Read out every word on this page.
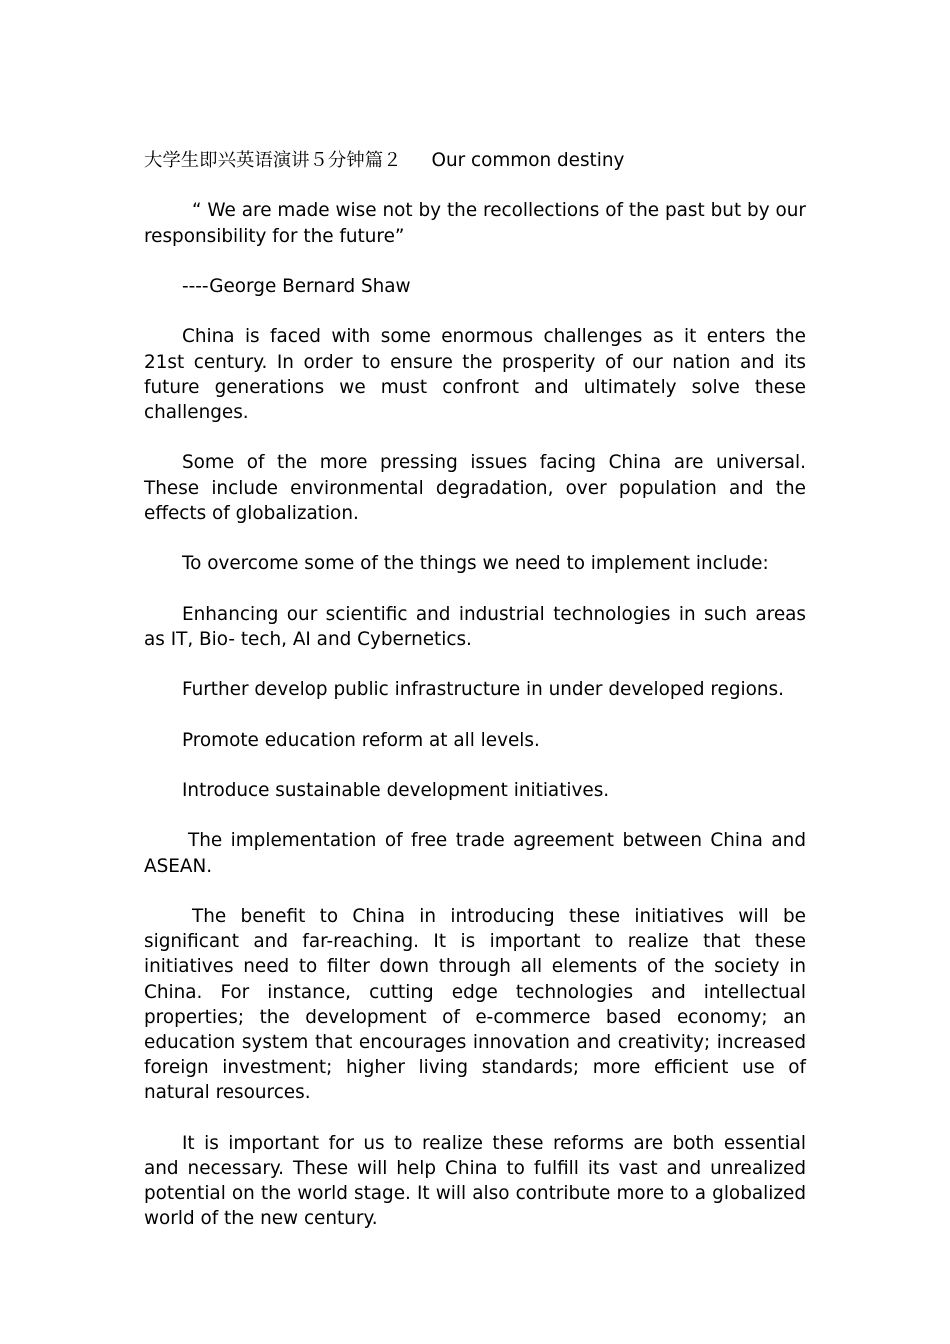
大学生即兴英语演讲５分钟篇２ Our common destiny

“ We are made wise not by the recollections of the past but by our responsibility for the future”

----George Bernard Shaw

China is faced with some enormous challenges as it enters the 21st century. In order to ensure the prosperity of our nation and its future generations we must confront and ultimately solve these challenges.

Some of the more pressing issues facing China are universal. These include environmental degradation, over population and the effects of globalization.

To overcome some of the things we need to implement include:

Enhancing our scientific and industrial technologies in such areas as IT, Bio- tech, AI and Cybernetics.

Further develop public infrastructure in under developed regions.

Promote education reform at all levels.

Introduce sustainable development initiatives.

The implementation of free trade agreement between China and ASEAN.

The benefit to China in introducing these initiatives will be significant and far-reaching. It is important to realize that these initiatives need to filter down through all elements of the society in China. For instance, cutting edge technologies and intellectual properties; the development of e-commerce based economy; an education system that encourages innovation and creativity; increased foreign investment; higher living standards; more efficient use of natural resources.

It is important for us to realize these reforms are both essential and necessary. These will help China to fulfill its vast and unrealized potential on the world stage. It will also contribute more to a globalized world of the new century.
